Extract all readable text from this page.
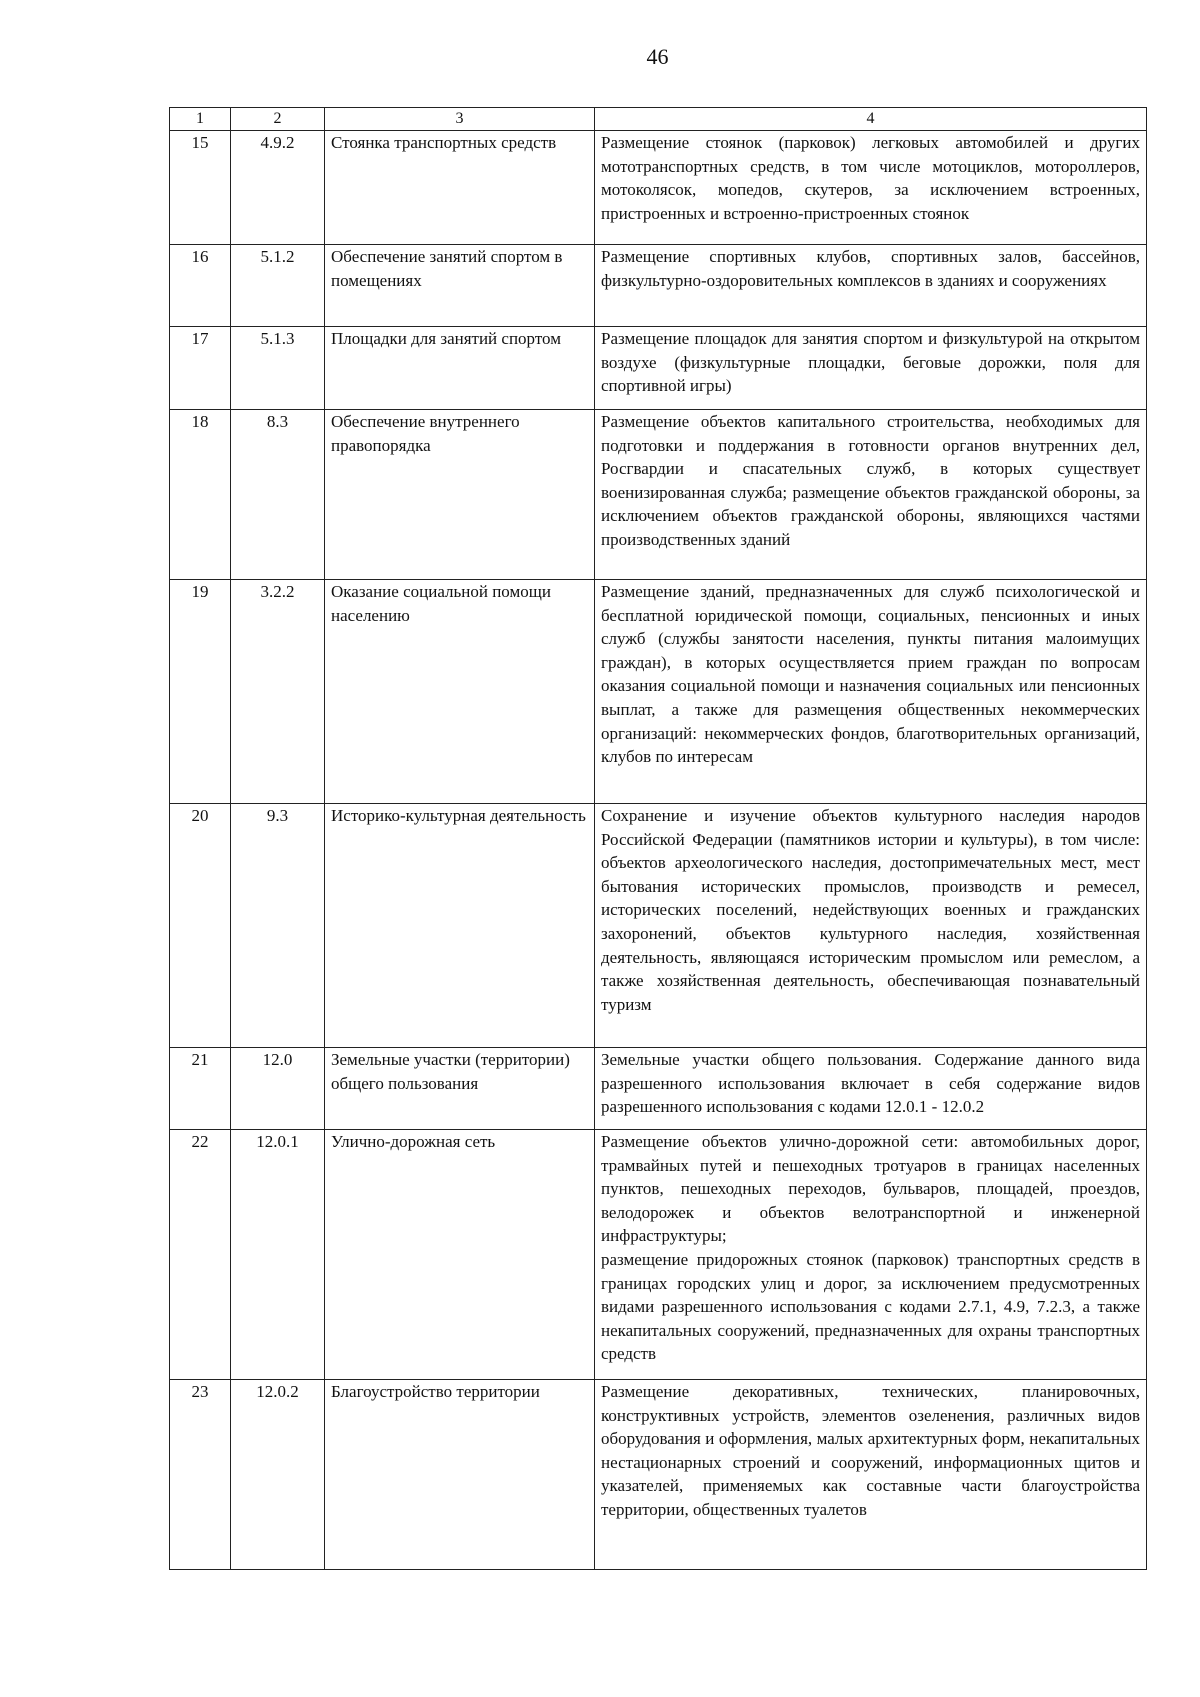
46
1	2	3	4
15	4.9.2	Стоянка транспортных средств	Размещение стоянок (парковок) легковых автомобилей и других мототранспортных средств, в том числе мотоциклов, мотороллеров, мотоколясок, мопедов, скутеров, за исключением встроенных, пристроенных и встроенно-пристроенных стоянок
16	5.1.2	Обеспечение занятий спортом в помещениях	Размещение спортивных клубов, спортивных залов, бассейнов, физкультурно-оздоровительных комплексов в зданиях и сооружениях
17	5.1.3	Площадки для занятий спортом	Размещение площадок для занятия спортом и физкультурой на открытом воздухе (физкультурные площадки, беговые дорожки, поля для спортивной игры)
18	8.3	Обеспечение внутреннего правопорядка	Размещение объектов капитального строительства, необходимых для подготовки и поддержания в готовности органов внутренних дел, Росгвардии и спасательных служб, в которых существует военизированная служба; размещение объектов гражданской обороны, за исключением объектов гражданской обороны, являющихся частями производственных зданий
19	3.2.2	Оказание социальной помощи населению	Размещение зданий, предназначенных для служб психологической и бесплатной юридической помощи, социальных, пенсионных и иных служб (службы занятости населения, пункты питания малоимущих граждан), в которых осуществляется прием граждан по вопросам оказания социальной помощи и назначения социальных или пенсионных выплат, а также для размещения общественных некоммерческих организаций: некоммерческих фондов, благотворительных организаций, клубов по интересам
20	9.3	Историко-культурная деятельность	Сохранение и изучение объектов культурного наследия народов Российской Федерации (памятников истории и культуры), в том числе: объектов археологического наследия, достопримечательных мест, мест бытования исторических промыслов, производств и ремесел, исторических поселений, недействующих военных и гражданских захоронений, объектов культурного наследия, хозяйственная деятельность, являющаяся историческим промыслом или ремеслом, а также хозяйственная деятельность, обеспечивающая познавательный туризм
21	12.0	Земельные участки (территории) общего пользования	Земельные участки общего пользования. Содержание данного вида разрешенного использования включает в себя содержание видов разрешенного использования с кодами 12.0.1 - 12.0.2
22	12.0.1	Улично-дорожная сеть	Размещение объектов улично-дорожной сети: автомобильных дорог, трамвайных путей и пешеходных тротуаров в границах населенных пунктов, пешеходных переходов, бульваров, площадей, проездов, велодорожек и объектов велотранспортной и инженерной инфраструктуры;
размещение придорожных стоянок (парковок) транспортных средств в границах городских улиц и дорог, за исключением предусмотренных видами разрешенного использования с кодами 2.7.1, 4.9, 7.2.3, а также некапитальных сооружений, предназначенных для охраны транспортных средств

23	12.0.2	Благоустройство территории	Размещение декоративных, технических, планировочных, конструктивных устройств, элементов озеленения, различных видов оборудования и оформления, малых архитектурных форм, некапитальных нестационарных строений и сооружений, информационных щитов и указателей, применяемых как составные части благоустройства территории, общественных туалетов
